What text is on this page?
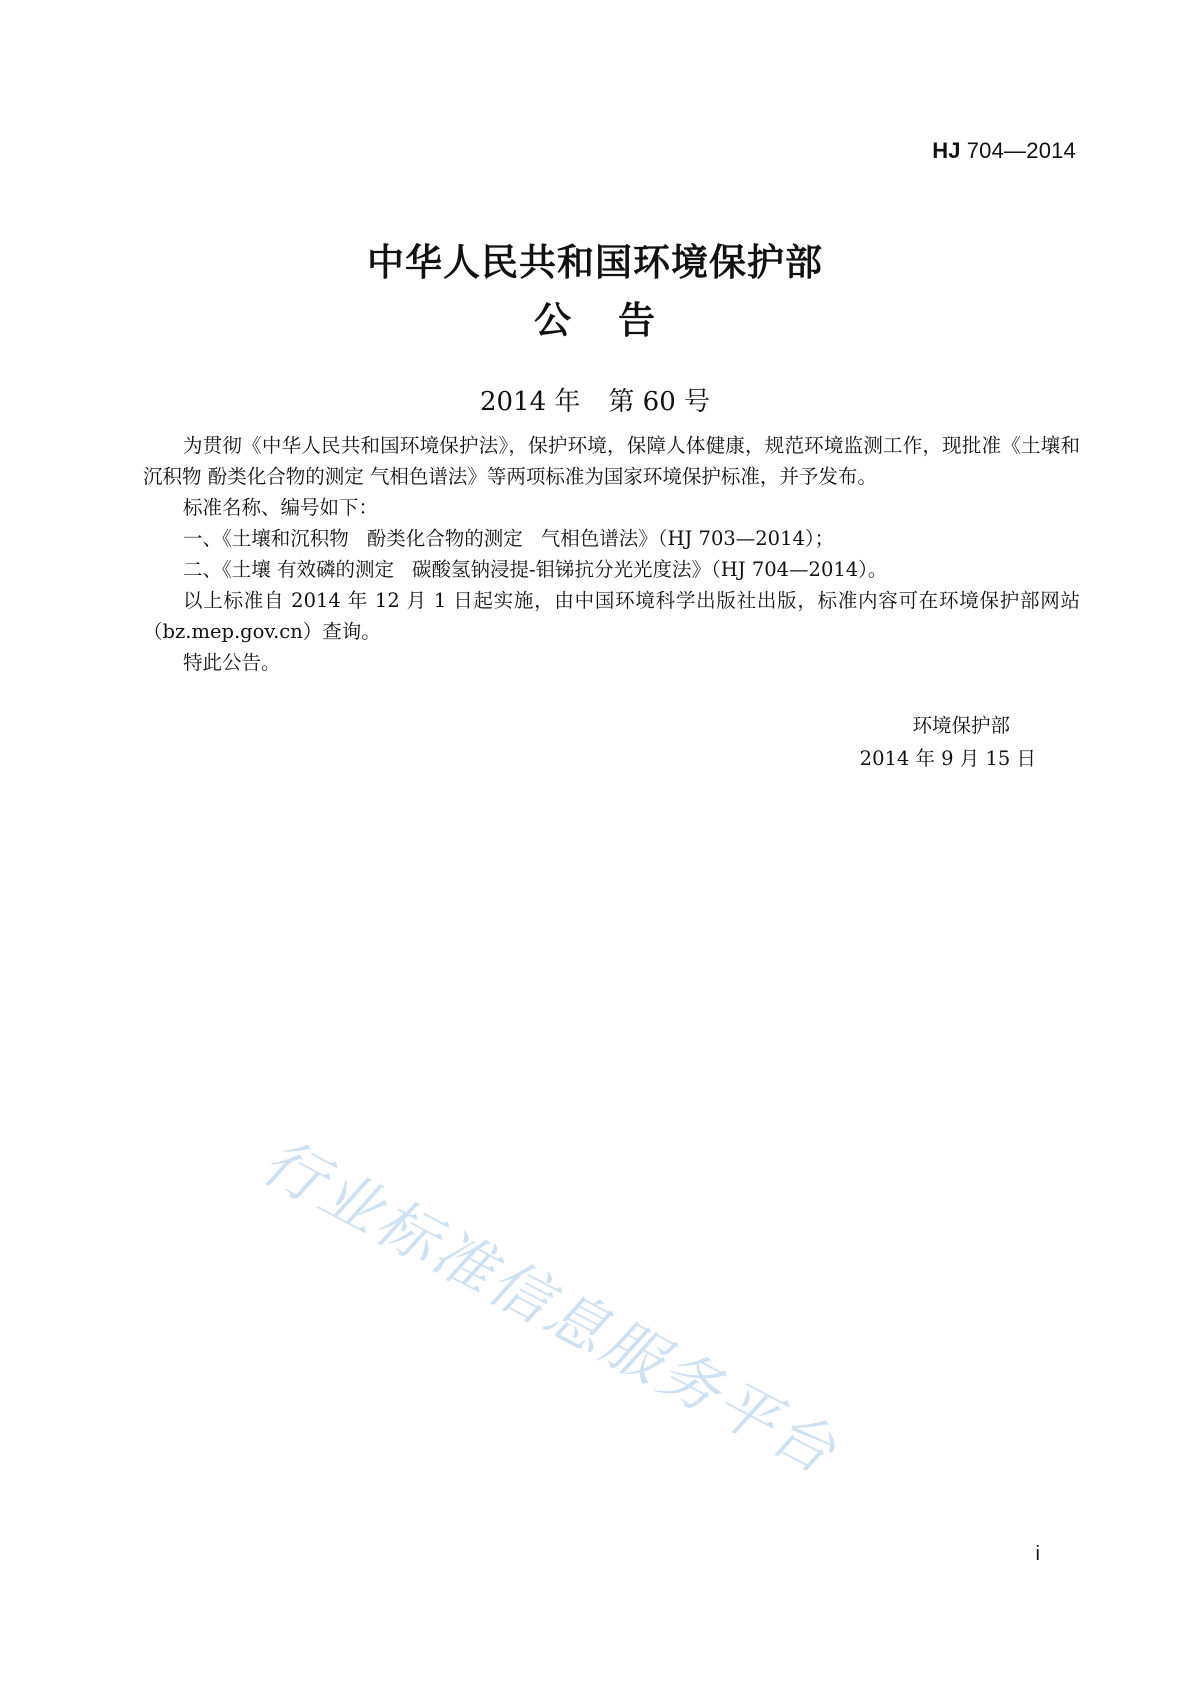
HJ 704—2014
中华人民共和国环境保护部
公 告
2014 年 第 60 号

为贯彻《中华人民共和国环境保护法》，保护环境，保障人体健康，规范环境监测工作，现批准《土壤和沉积物 酚类化合物的测定 气相色谱法》等两项标准为国家环境保护标准，并予发布。

标准名称、编号如下：

一、《土壤和沉积物 酚类化合物的测定 气相色谱法》（HJ 703—2014）；

二、《土壤 有效磷的测定 碳酸氢钠浸提-钼锑抗分光光度法》（HJ 704—2014）。

以上标准自 2014 年 12 月 1 日起实施，由中国环境科学出版社出版，标准内容可在环境保护部网站（bz.mep.gov.cn）查询。

特此公告。

环境保护部
2014 年 9 月 15 日
行业标准信息服务平台
i
